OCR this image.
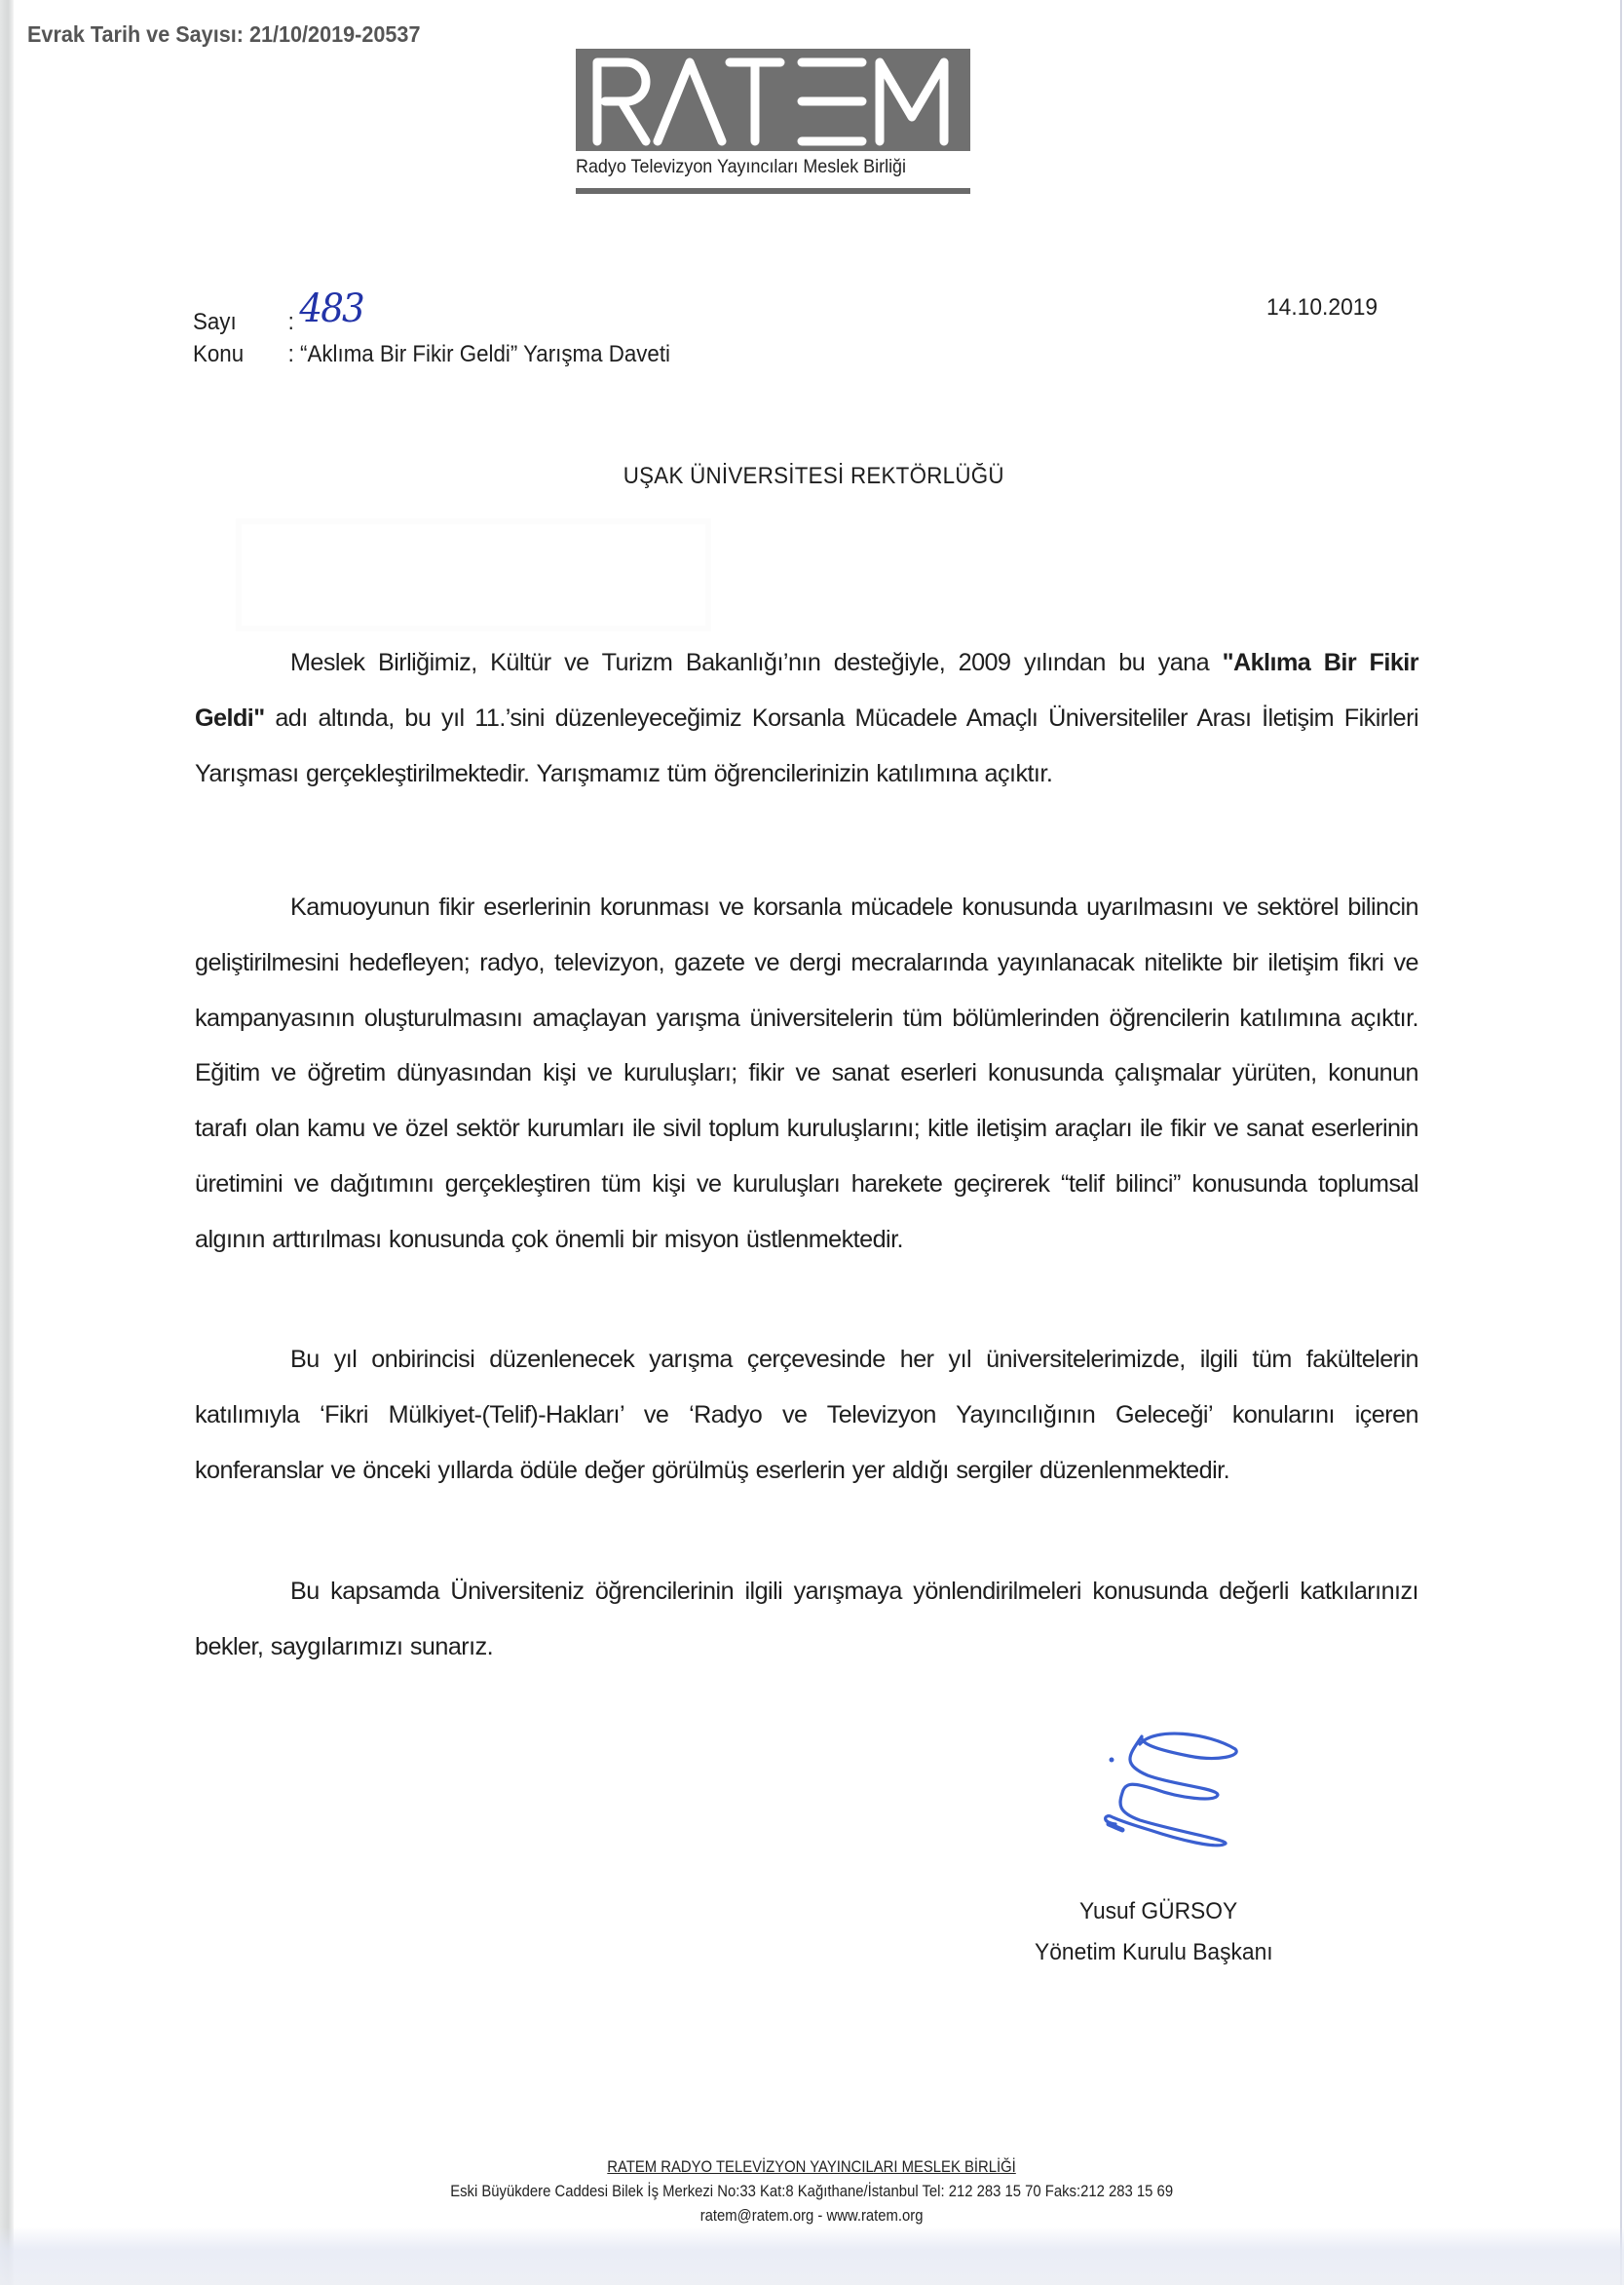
Evrak Tarih ve Sayısı: 21/10/2019-20537
Radyo Televizyon Yayıncıları Meslek Birliği
Sayı : 483
Konu : “Aklıma Bir Fikir Geldi” Yarışma Daveti
14.10.2019
UŞAK ÜNİVERSİTESİ REKTÖRLÜĞÜ

Meslek Birliğimiz, Kültür ve Turizm Bakanlığı’nın desteğiyle, 2009 yılından bu yana "Aklıma Bir Fikir Geldi" adı altında, bu yıl 11.’sini düzenleyeceğimiz Korsanla Mücadele Amaçlı Üniversiteliler Arası İletişim Fikirleri Yarışması gerçekleştirilmektedir. Yarışmamız tüm öğrencilerinizin katılımına açıktır.

Kamuoyunun fikir eserlerinin korunması ve korsanla mücadele konusunda uyarılmasını ve sektörel bilincin geliştirilmesini hedefleyen; radyo, televizyon, gazete ve dergi mecralarında yayınlanacak nitelikte bir iletişim fikri ve kampanyasının oluşturulmasını amaçlayan yarışma üniversitelerin tüm bölümlerinden öğrencilerin katılımına açıktır. Eğitim ve öğretim dünyasından kişi ve kuruluşları; fikir ve sanat eserleri konusunda çalışmalar yürüten, konunun tarafı olan kamu ve özel sektör kurumları ile sivil toplum kuruluşlarını; kitle iletişim araçları ile fikir ve sanat eserlerinin üretimini ve dağıtımını gerçekleştiren tüm kişi ve kuruluşları harekete geçirerek “telif bilinci” konusunda toplumsal algının arttırılması konusunda çok önemli bir misyon üstlenmektedir.

Bu yıl onbirincisi düzenlenecek yarışma çerçevesinde her yıl üniversitelerimizde, ilgili tüm fakültelerin katılımıyla ‘Fikri Mülkiyet-(Telif)-Hakları’ ve ‘Radyo ve Televizyon Yayıncılığının Geleceği’ konularını içeren konferanslar ve önceki yıllarda ödüle değer görülmüş eserlerin yer aldığı sergiler düzenlenmektedir.

Bu kapsamda Üniversiteniz öğrencilerinin ilgili yarışmaya yönlendirilmeleri konusunda değerli katkılarınızı bekler, saygılarımızı sunarız.

Yusuf GÜRSOY
Yönetim Kurulu Başkanı
RATEM RADYO TELEVİZYON YAYINCILARI MESLEK BİRLİĞİ
Eski Büyükdere Caddesi Bilek İş Merkezi No:33 Kat:8 Kağıthane/İstanbul Tel: 212 283 15 70 Faks:212 283 15 69
ratem@ratem.org - www.ratem.org
